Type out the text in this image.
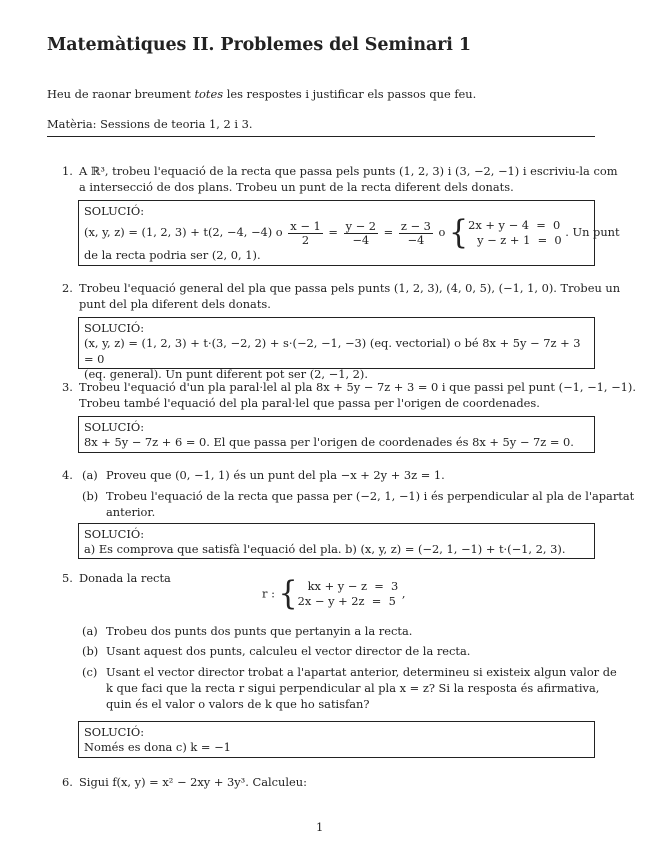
Matemàtiques II. Problemes del Seminari 1
Heu de raonar breument totes les respostes i justificar els passos que feu.
Matèria: Sessions de teoria 1, 2 i 3.
1. A ℝ³, trobeu l'equació de la recta que passa pels punts (1, 2, 3) i (3, −2, −1) i escriviu-la com
a intersecció de dos plans. Trobeu un punt de la recta diferent dels donats.
SOLUCIÓ:
(x, y, z) = (1, 2, 3) + t(2, −4, −4) o $\frac{x - 1}{2} = \frac{y - 2}{-4} = \frac{z - 3}{-4}$ o { 2x + y − 4  =  0
y − z + 1  =  0
. Un punt
de la recta podria ser (2, 0, 1).
2. Trobeu l'equació general del pla que passa pels punts (1, 2, 3), (4, 0, 5), (−1, 1, 0). Trobeu un
punt del pla diferent dels donats.
SOLUCIÓ:
(x, y, z) = (1, 2, 3) + t·(3, −2, 2) + s·(−2, −1, −3) (eq. vectorial) o bé 8x + 5y − 7z + 3 = 0
(eq. general). Un punt diferent pot ser (2, −1, 2).
3. Trobeu l'equació d'un pla paral·lel al pla 8x + 5y − 7z + 3 = 0 i que passi pel punt (−1, −1, −1).
Trobeu també l'equació del pla paral·lel que passa per l'origen de coordenades.
SOLUCIÓ:
8x + 5y − 7z + 6 = 0. El que passa per l'origen de coordenades és 8x + 5y − 7z = 0.
4. (a) Proveu que (0, −1, 1) és un punt del pla −x + 2y + 3z = 1.
(b) Trobeu l'equació de la recta que passa per (−2, 1, −1) i és perpendicular al pla de l'apartat
anterior.
SOLUCIÓ:
a) Es comprova que satisfà l'equació del pla. b) (x, y, z) = (−2, 1, −1) + t·(−1, 2, 3).
5. Donada la recta
r : { kx + y − z  =  3
2x − y + 2z  =  5
,
(a) Trobeu dos punts dos punts que pertanyin a la recta.
(b) Usant aquest dos punts, calculeu el vector director de la recta.
(c) Usant el vector director trobat a l'apartat anterior, determineu si existeix algun valor de
k que faci que la recta r sigui perpendicular al pla x = z? Si la resposta és afirmativa,
quin és el valor o valors de k que ho satisfan?
SOLUCIÓ:
Només es dona c) k = −1
6. Sigui f(x, y) = x² − 2xy + 3y³. Calculeu:
1
